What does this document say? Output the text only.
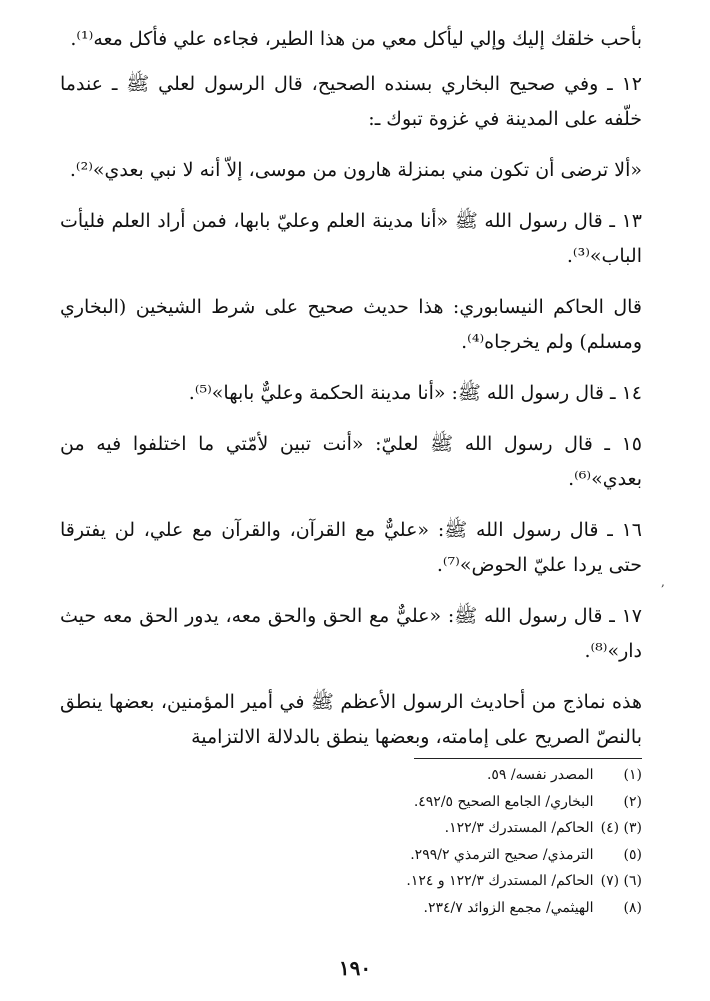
بأحب خلقك إليك وإلي ليأكل معي من هذا الطير، فجاءه علي فأكل معه⁽¹⁾.

١٢ ـ وفي صحيح البخاري بسنده الصحيح، قال الرسول لعلي ﷺ ـ عندما خلّفه على المدينة في غزوة تبوك ـ:

«ألا ترضى أن تكون مني بمنزلة هارون من موسى، إلاّ أنه لا نبي بعدي»⁽²⁾.

١٣ ـ قال رسول الله ﷺ «أنا مدينة العلم وعليّ بابها، فمن أراد العلم فليأت الباب»⁽³⁾.

قال الحاكم النيسابوري: هذا حديث صحيح على شرط الشيخين (البخاري ومسلم) ولم يخرجاه⁽⁴⁾.

١٤ ـ قال رسول الله ﷺ: «أنا مدينة الحكمة وعليٌّ بابها»⁽⁵⁾.

١٥ ـ قال رسول الله ﷺ لعليّ: «أنت تبين لأمّتي ما اختلفوا فيه من بعدي»⁽⁶⁾.

١٦ ـ قال رسول الله ﷺ: «عليٌّ مع القرآن، والقرآن مع علي، لن يفترقا حتى يردا عليّ الحوض»⁽⁷⁾.

١٧ ـ قال رسول الله ﷺ: «عليٌّ مع الحق والحق معه، يدور الحق معه حيث دار»⁽⁸⁾.

هذه نماذج من أحاديث الرسول الأعظم ﷺ في أمير المؤمنين، بعضها ينطق بالنصّ الصريح على إمامته، وبعضها ينطق بالدلالة الالتزامية

,

(١) المصدر نفسه/ ٥٩.

(٢) البخاري/ الجامع الصحيح ٤٩٢/٥.

(٣) (٤) الحاكم/ المستدرك ١٢٢/٣.

(٥) الترمذي/ صحيح الترمذي ٢٩٩/٢.

(٦) (٧) الحاكم/ المستدرك ١٢٢/٣ و ١٢٤.

(٨) الهيثمي/ مجمع الزوائد ٢٣٤/٧.

١٩٠
